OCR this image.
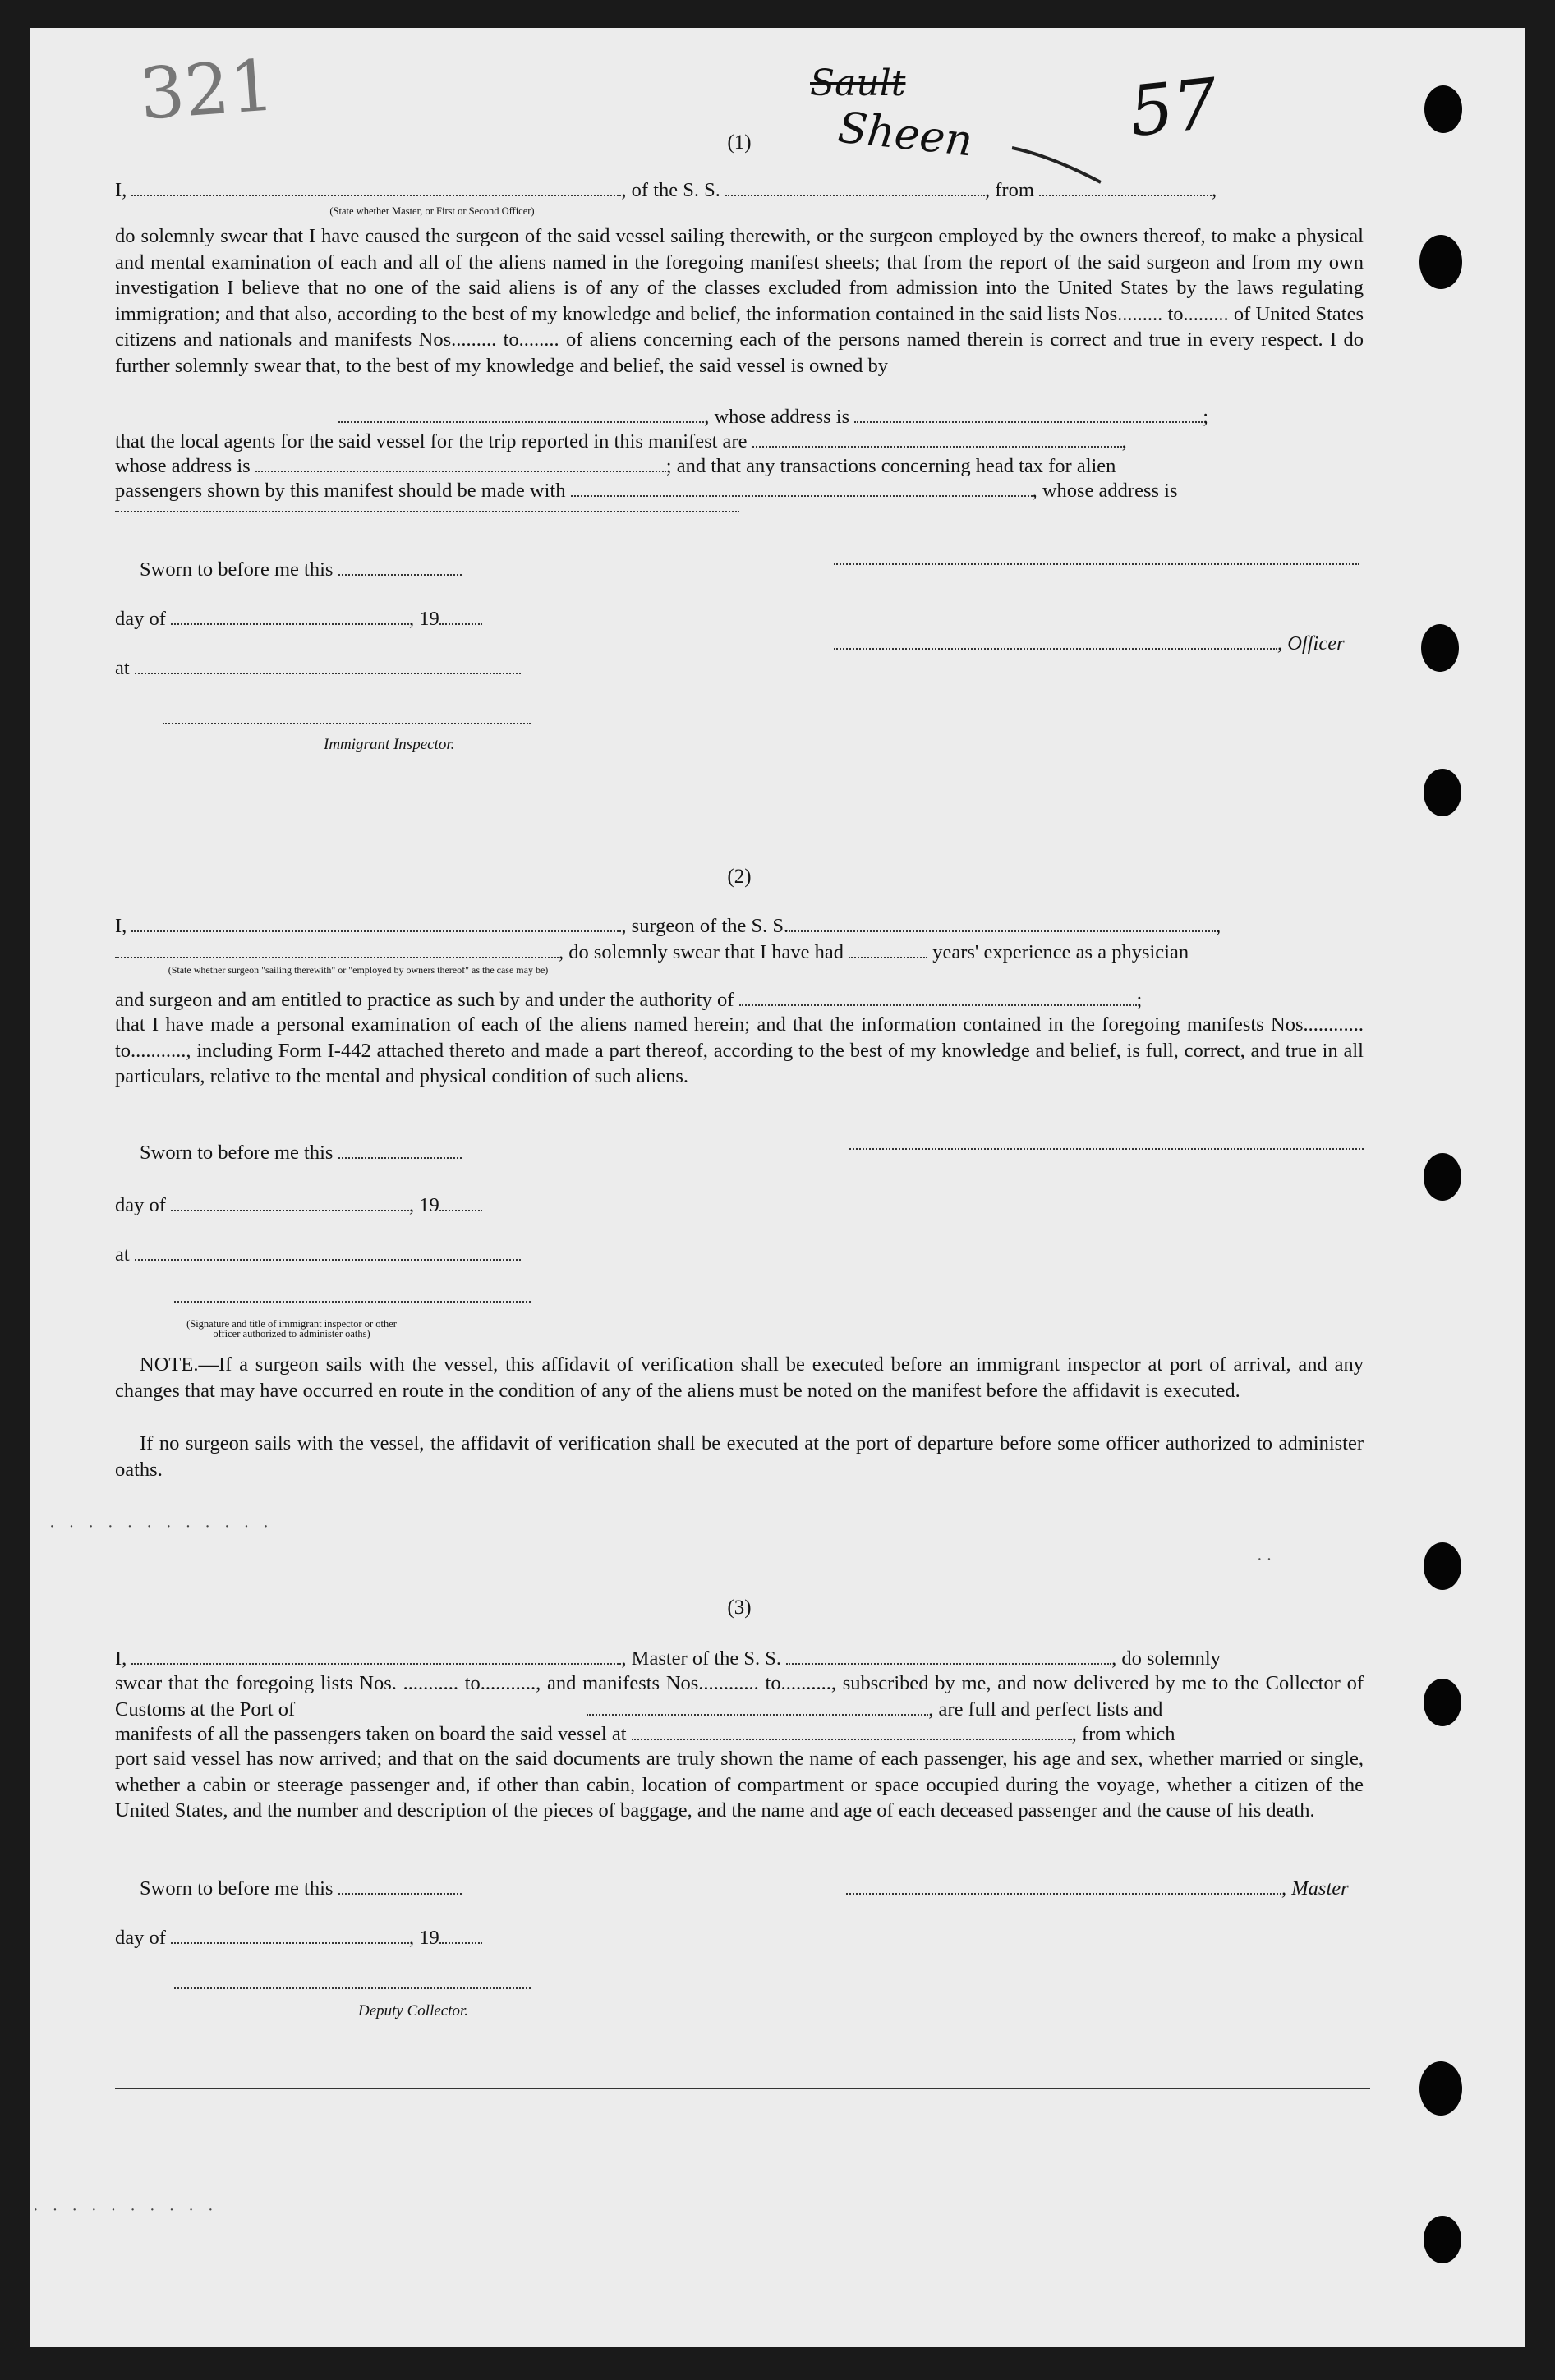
321	57
Sault
Sheen
(1)
I,	, of the S. S.	, from	,
(State whether Master, or First or Second Officer)
do solemnly swear that I have caused the surgeon of the said vessel sailing therewith, or the surgeon employed by the owners thereof, to make a physical and mental examination of each and all of the aliens named in the foregoing manifest sheets; that from the report of the said surgeon and from my own investigation I believe that no one of the said aliens is of any of the classes excluded from admission into the United States by the laws regulating immigration; and that also, according to the best of my knowledge and belief, the information contained in the said lists Nos......... to......... of United States citizens and nationals and manifests Nos......... to........ of aliens concerning each of the persons named therein is correct and true in every respect. I do further solemnly swear that, to the best of my knowledge and belief, the said vessel is owned by
, whose address is	;
that the local agents for the said vessel for the trip reported in this manifest are	,
whose address is	; and that any transactions concerning head tax for alien
passengers shown by this manifest should be made with	, whose address is
Sworn to before me this
day of	, 19
, Officer
at
Immigrant Inspector.
(2)
I,	, surgeon of the S. S.	,
, do solemnly swear that I have had	years' experience as a physician
(State whether surgeon "sailing therewith" or "employed by owners thereof" as the case may be)
and surgeon and am entitled to practice as such by and under the authority of	;
that I have made a personal examination of each of the aliens named herein; and that the information contained in the foregoing manifests Nos............ to..........., including Form I-442 attached thereto and made a part thereof, according to the best of my knowledge and belief, is full, correct, and true in all particulars, relative to the mental and physical condition of such aliens.
Sworn to before me this
day of	, 19
at
(Signature and title of immigrant inspector or other officer authorized to administer oaths)
NOTE.—If a surgeon sails with the vessel, this affidavit of verification shall be executed before an immigrant inspector at port of arrival, and any changes that may have occurred en route in the condition of any of the aliens must be noted on the manifest before the affidavit is executed.
If no surgeon sails with the vessel, the affidavit of verification shall be executed at the port of departure before some officer authorized to administer oaths.
(3)
I,	, Master of the S. S.	, do solemnly
swear that the foregoing lists Nos. ........... to..........., and manifests Nos............ to.........., subscribed by me, and now delivered by me to the Collector of Customs at the Port of	, are full and perfect lists and
manifests of all the passengers taken on board the said vessel at	, from which
port said vessel has now arrived; and that on the said documents are truly shown the name of each passenger, his age and sex, whether married or single, whether a cabin or steerage passenger and, if other than cabin, location of compartment or space occupied during the voyage, whether a citizen of the United States, and the number and description of the pieces of baggage, and the name and age of each deceased passenger and the cause of his death.
Sworn to before me this	, Master
day of	, 19
Deputy Collector.
· · · · · · · · · · · ·
· · · · · · · · · ·
· ·
